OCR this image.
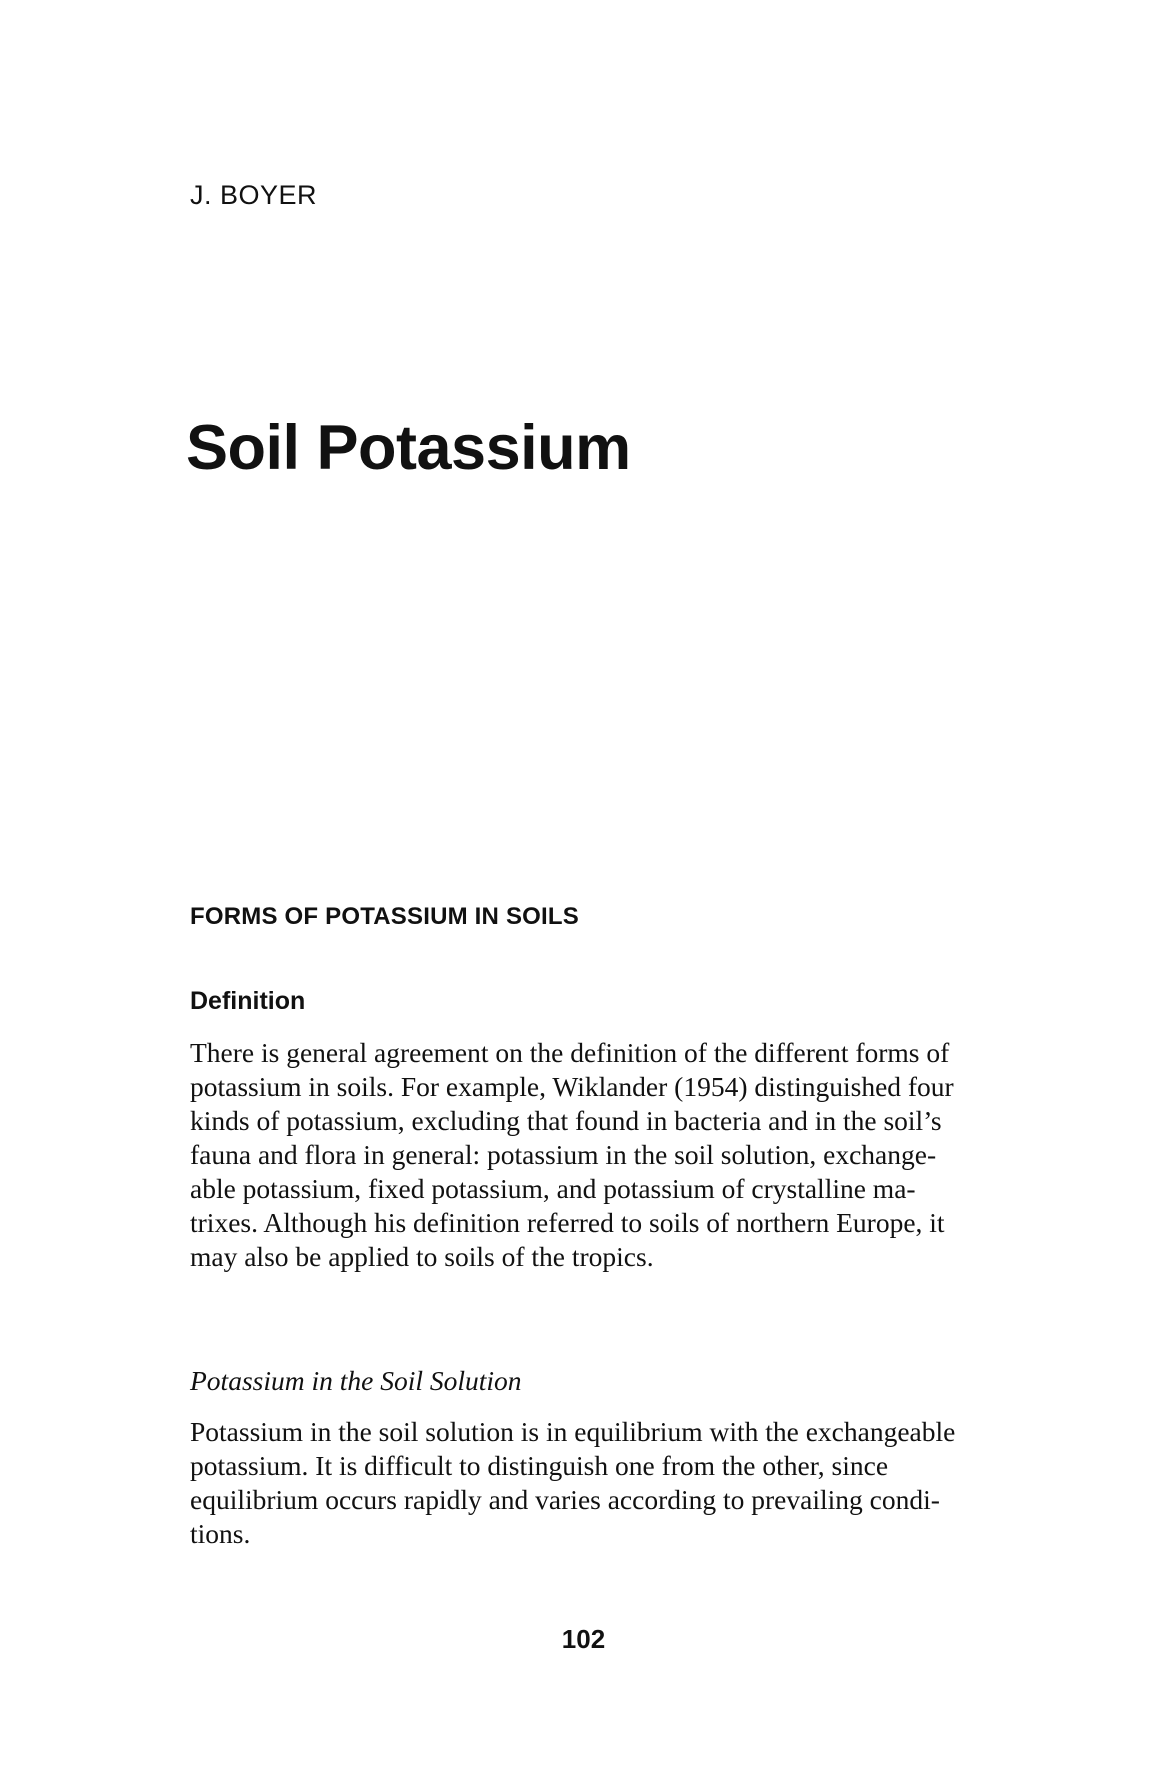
J. BOYER
Soil Potassium
FORMS OF POTASSIUM IN SOILS
Definition
There is general agreement on the definition of the different forms of
potassium in soils. For example, Wiklander (1954) distinguished four
kinds of potassium, excluding that found in bacteria and in the soil’s
fauna and flora in general: potassium in the soil solution, exchange-
able potassium, fixed potassium, and potassium of crystalline ma-
trixes. Although his definition referred to soils of northern Europe, it
may also be applied to soils of the tropics.
Potassium in the Soil Solution
Potassium in the soil solution is in equilibrium with the exchangeable
potassium. It is difficult to distinguish one from the other, since
equilibrium occurs rapidly and varies according to prevailing condi-
tions.
102
